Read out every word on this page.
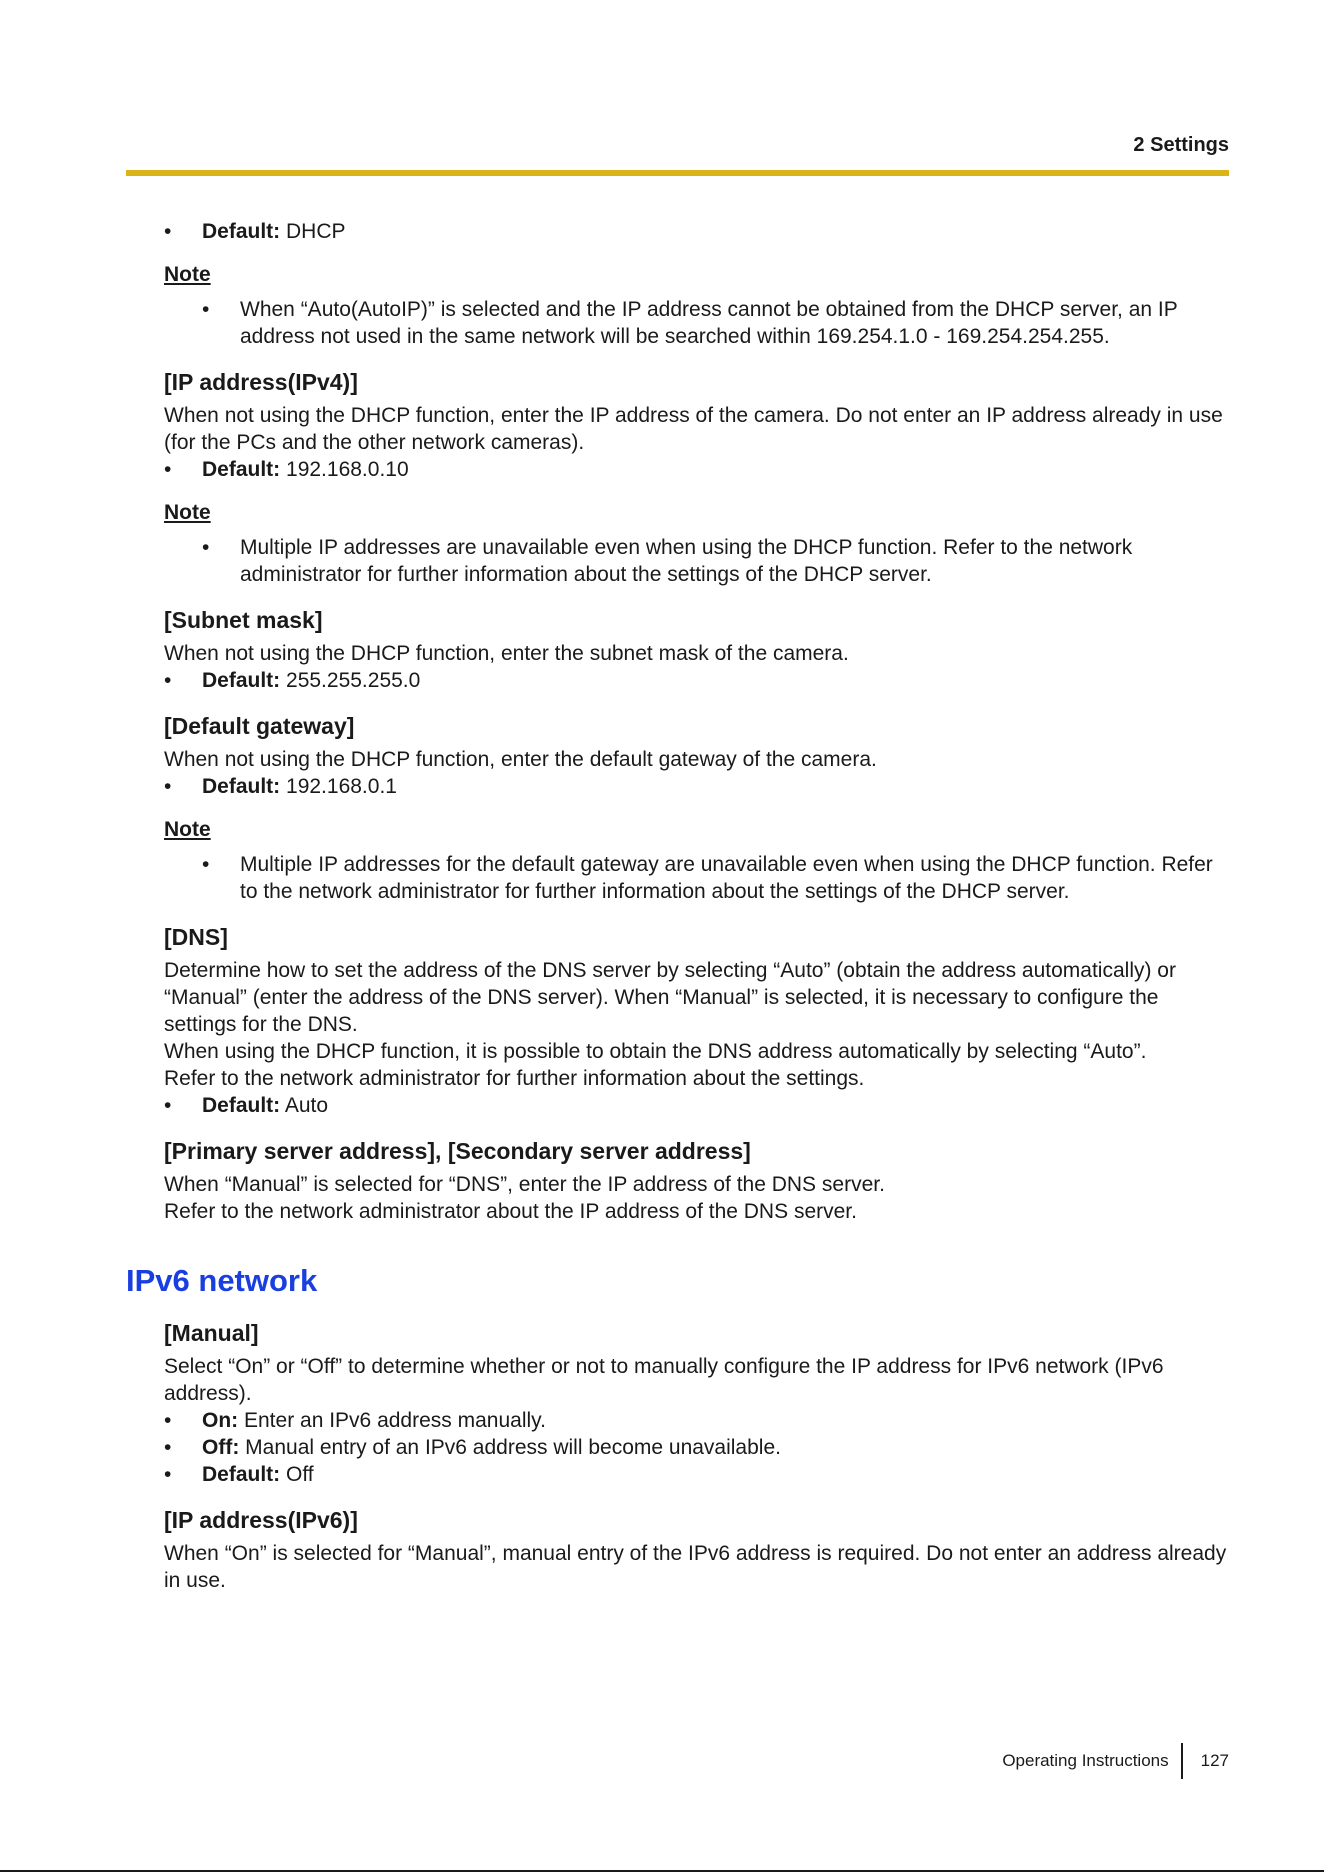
2 Settings
• Default: DHCP
Note
• When “Auto(AutoIP)” is selected and the IP address cannot be obtained from the DHCP server, an IP address not used in the same network will be searched within 169.254.1.0 - 169.254.254.255.
[IP address(IPv4)]
When not using the DHCP function, enter the IP address of the camera. Do not enter an IP address already in use (for the PCs and the other network cameras).
• Default: 192.168.0.10
Note
• Multiple IP addresses are unavailable even when using the DHCP function. Refer to the network administrator for further information about the settings of the DHCP server.
[Subnet mask]
When not using the DHCP function, enter the subnet mask of the camera.
• Default: 255.255.255.0
[Default gateway]
When not using the DHCP function, enter the default gateway of the camera.
• Default: 192.168.0.1
Note
• Multiple IP addresses for the default gateway are unavailable even when using the DHCP function. Refer to the network administrator for further information about the settings of the DHCP server.
[DNS]
Determine how to set the address of the DNS server by selecting “Auto” (obtain the address automatically) or “Manual” (enter the address of the DNS server). When “Manual” is selected, it is necessary to configure the settings for the DNS.
When using the DHCP function, it is possible to obtain the DNS address automatically by selecting “Auto”.
Refer to the network administrator for further information about the settings.
• Default: Auto
[Primary server address], [Secondary server address]
When “Manual” is selected for “DNS”, enter the IP address of the DNS server.
Refer to the network administrator about the IP address of the DNS server.
IPv6 network
[Manual]
Select “On” or “Off” to determine whether or not to manually configure the IP address for IPv6 network (IPv6 address).
• On: Enter an IPv6 address manually.
• Off: Manual entry of an IPv6 address will become unavailable.
• Default: Off
[IP address(IPv6)]
When “On” is selected for “Manual”, manual entry of the IPv6 address is required. Do not enter an address already in use.
Operating Instructions 127
